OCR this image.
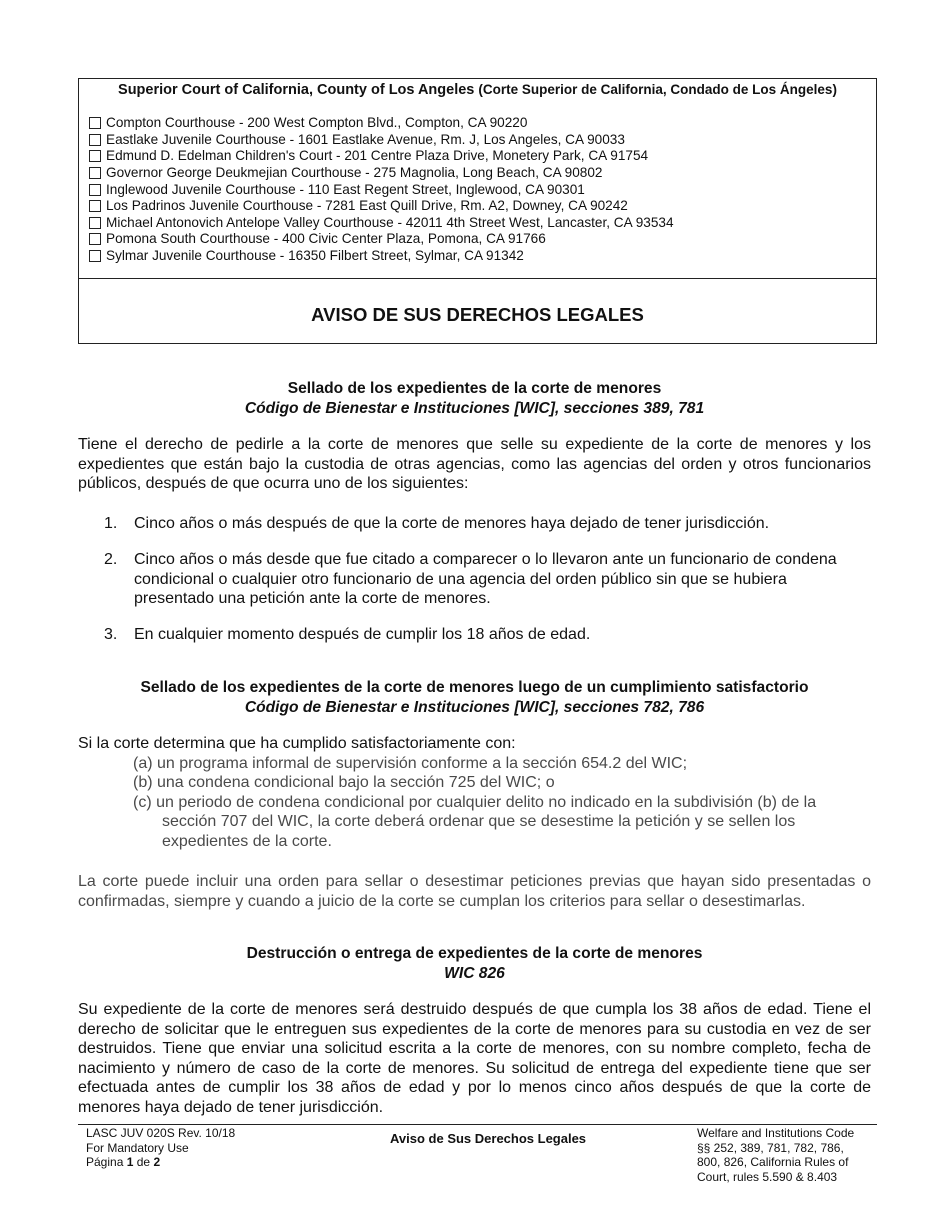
Superior Court of California, County of Los Angeles (Corte Superior de California, Condado de Los Ángeles)
Compton Courthouse - 200 West Compton Blvd., Compton, CA 90220
Eastlake Juvenile Courthouse - 1601 Eastlake Avenue, Rm. J, Los Angeles, CA 90033
Edmund D. Edelman Children's Court - 201 Centre Plaza Drive, Monetery Park, CA 91754
Governor George Deukmejian Courthouse - 275 Magnolia, Long Beach, CA 90802
Inglewood Juvenile Courthouse - 110 East Regent Street, Inglewood, CA 90301
Los Padrinos Juvenile Courthouse - 7281 East Quill Drive, Rm. A2, Downey, CA 90242
Michael Antonovich Antelope Valley Courthouse - 42011 4th Street West, Lancaster, CA 93534
Pomona South Courthouse - 400 Civic Center Plaza, Pomona, CA 91766
Sylmar Juvenile Courthouse - 16350 Filbert Street, Sylmar, CA 91342
AVISO DE SUS DERECHOS LEGALES
Sellado de los expedientes de la corte de menores
Código de Bienestar e Instituciones [WIC], secciones 389, 781

Tiene el derecho de pedirle a la corte de menores que selle su expediente de la corte de menores y los expedientes que están bajo la custodia de otras agencias, como las agencias del orden y otros funcionarios públicos, después de que ocurra uno de los siguientes:

1. Cinco años o más después de que la corte de menores haya dejado de tener jurisdicción.
2. Cinco años o más desde que fue citado a comparecer o lo llevaron ante un funcionario de condena condicional o cualquier otro funcionario de una agencia del orden público sin que se hubiera presentado una petición ante la corte de menores.
3. En cualquier momento después de cumplir los 18 años de edad.
Sellado de los expedientes de la corte de menores luego de un cumplimiento satisfactorio
Código de Bienestar e Instituciones [WIC], secciones 782, 786
Si la corte determina que ha cumplido satisfactoriamente con:
(a) un programa informal de supervisión conforme a la sección 654.2 del WIC;
(b) una condena condicional bajo la sección 725 del WIC; o
(c) un periodo de condena condicional por cualquier delito no indicado en la subdivisión (b) de la sección 707 del WIC, la corte deberá ordenar que se desestime la petición y se sellen los expedientes de la corte.

La corte puede incluir una orden para sellar o desestimar peticiones previas que hayan sido presentadas o confirmadas, siempre y cuando a juicio de la corte se cumplan los criterios para sellar o desestimarlas.

Destrucción o entrega de expedientes de la corte de menores
WIC 826

Su expediente de la corte de menores será destruido después de que cumpla los 38 años de edad. Tiene el derecho de solicitar que le entreguen sus expedientes de la corte de menores para su custodia en vez de ser destruidos. Tiene que enviar una solicitud escrita a la corte de menores, con su nombre completo, fecha de nacimiento y número de caso de la corte de menores. Su solicitud de entrega del expediente tiene que ser efectuada antes de cumplir los 38 años de edad y por lo menos cinco años después de que la corte de menores haya dejado de tener jurisdicción.

LASC JUV 020S Rev. 10/18
For Mandatory Use
Página 1 de 2
Aviso de Sus Derechos Legales	Welfare and Institutions Code
§§ 252, 389, 781, 782, 786,
800, 826, California Rules of
Court, rules 5.590 & 8.403
